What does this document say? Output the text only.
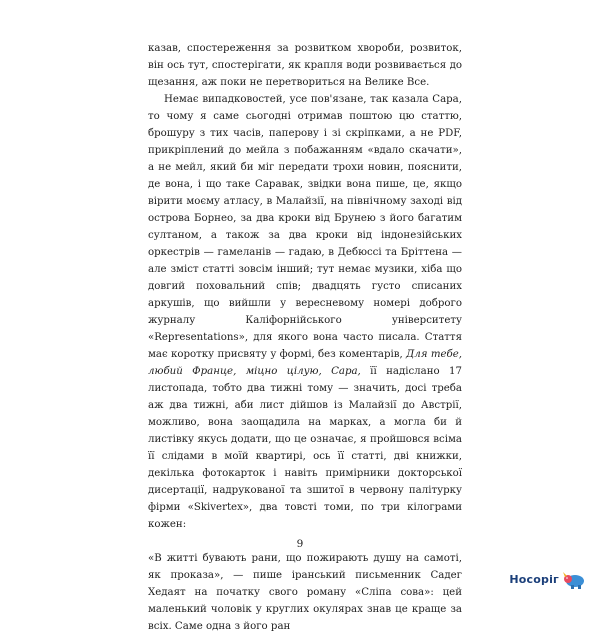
казав, спостереження за розвитком хвороби, розвиток, він ось тут, спостерігати, як крапля води розвивається до щезання, аж поки не перетвориться на Велике Все.

Немає випадковостей, усе пов'язане, так казала Сара, то чому я саме сьогодні отримав поштою цю статтю, брошуру з тих часів, паперову і зі скріпками, а не PDF, прикріплений до мейла з побажанням «вдало скачати», а не мейл, який би міг передати трохи новин, пояснити, де вона, і що таке Саравак, звідки вона пише, це, якщо вірити моєму атласу, в Малайзії, на північному заході від острова Борнео, за два кроки від Брунею з його багатим султаном, а також за два кроки від індонезійських оркестрів — гамеланів — гадаю, в Дебюссі та Бріттена — але зміст статті зовсім інший; тут немає музики, хіба що довгий поховальний спів; двадцять густо списаних аркушів, що вийшли у вересневому номері доброго журналу Каліфорнійського університету «Representations», для якого вона часто писала. Стаття має коротку присвяту у формі, без коментарів, Для тебе, любий Франце, міцно цілую, Сара, її надіслано 17 листопада, тобто два тижні тому — значить, досі треба аж два тижні, аби лист дійшов із Малайзії до Австрії, можливо, вона заощадила на марках, а могла би й листівку якусь додати, що це означає, я пройшовся всіма її слідами в моїй квартирі, ось її статті, дві книжки, декілька фотокарток і навіть примірники докторської дисертації, надрукованої та зшитої в червону палітурку фірми «Skivertex», два товсті томи, по три кілограми кожен:

«В житті бувають рани, що пожирають душу на самоті, як проказа», — пише іранський письменник Садег Хедаят на початку свого роману «Сліпа сова»: цей маленький чоловік у круглих окулярах знав це краще за всіх. Саме одна з його ран

9
Носоріг
